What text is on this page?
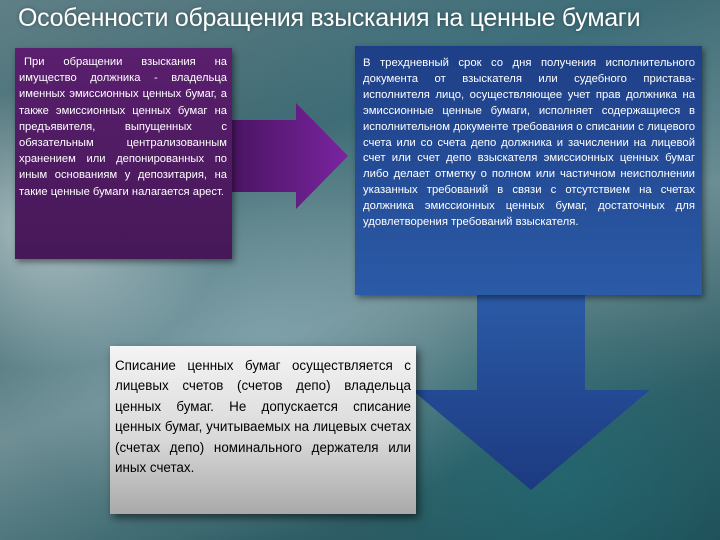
Особенности обращения взыскания на ценные бумаги
При обращении взыскания на имущество должника - владельца именных эмиссионных ценных бумаг, а также эмиссионных ценных бумаг на предъявителя, выпущенных с обязательным централизованным хранением или депонированных по иным основаниям у депозитария, на такие ценные бумаги налагается арест.
В трехдневный срок со дня получения исполнительного документа от взыскателя или судебного пристава-исполнителя лицо, осуществляющее учет прав должника на эмиссионные ценные бумаги, исполняет содержащиеся в исполнительном документе требования о списании с лицевого счета или со счета депо должника и зачислении на лицевой счет или счет депо взыскателя эмиссионных ценных бумаг либо делает отметку о полном или частичном неисполнении указанных требований в связи с отсутствием на счетах должника эмиссионных ценных бумаг, достаточных для удовлетворения требований взыскателя.
Списание ценных бумаг осуществляется с лицевых счетов (счетов депо) владельца ценных бумаг. Не допускается списание ценных бумаг, учитываемых на лицевых счетах (счетах депо) номинального держателя или иных счетах.
